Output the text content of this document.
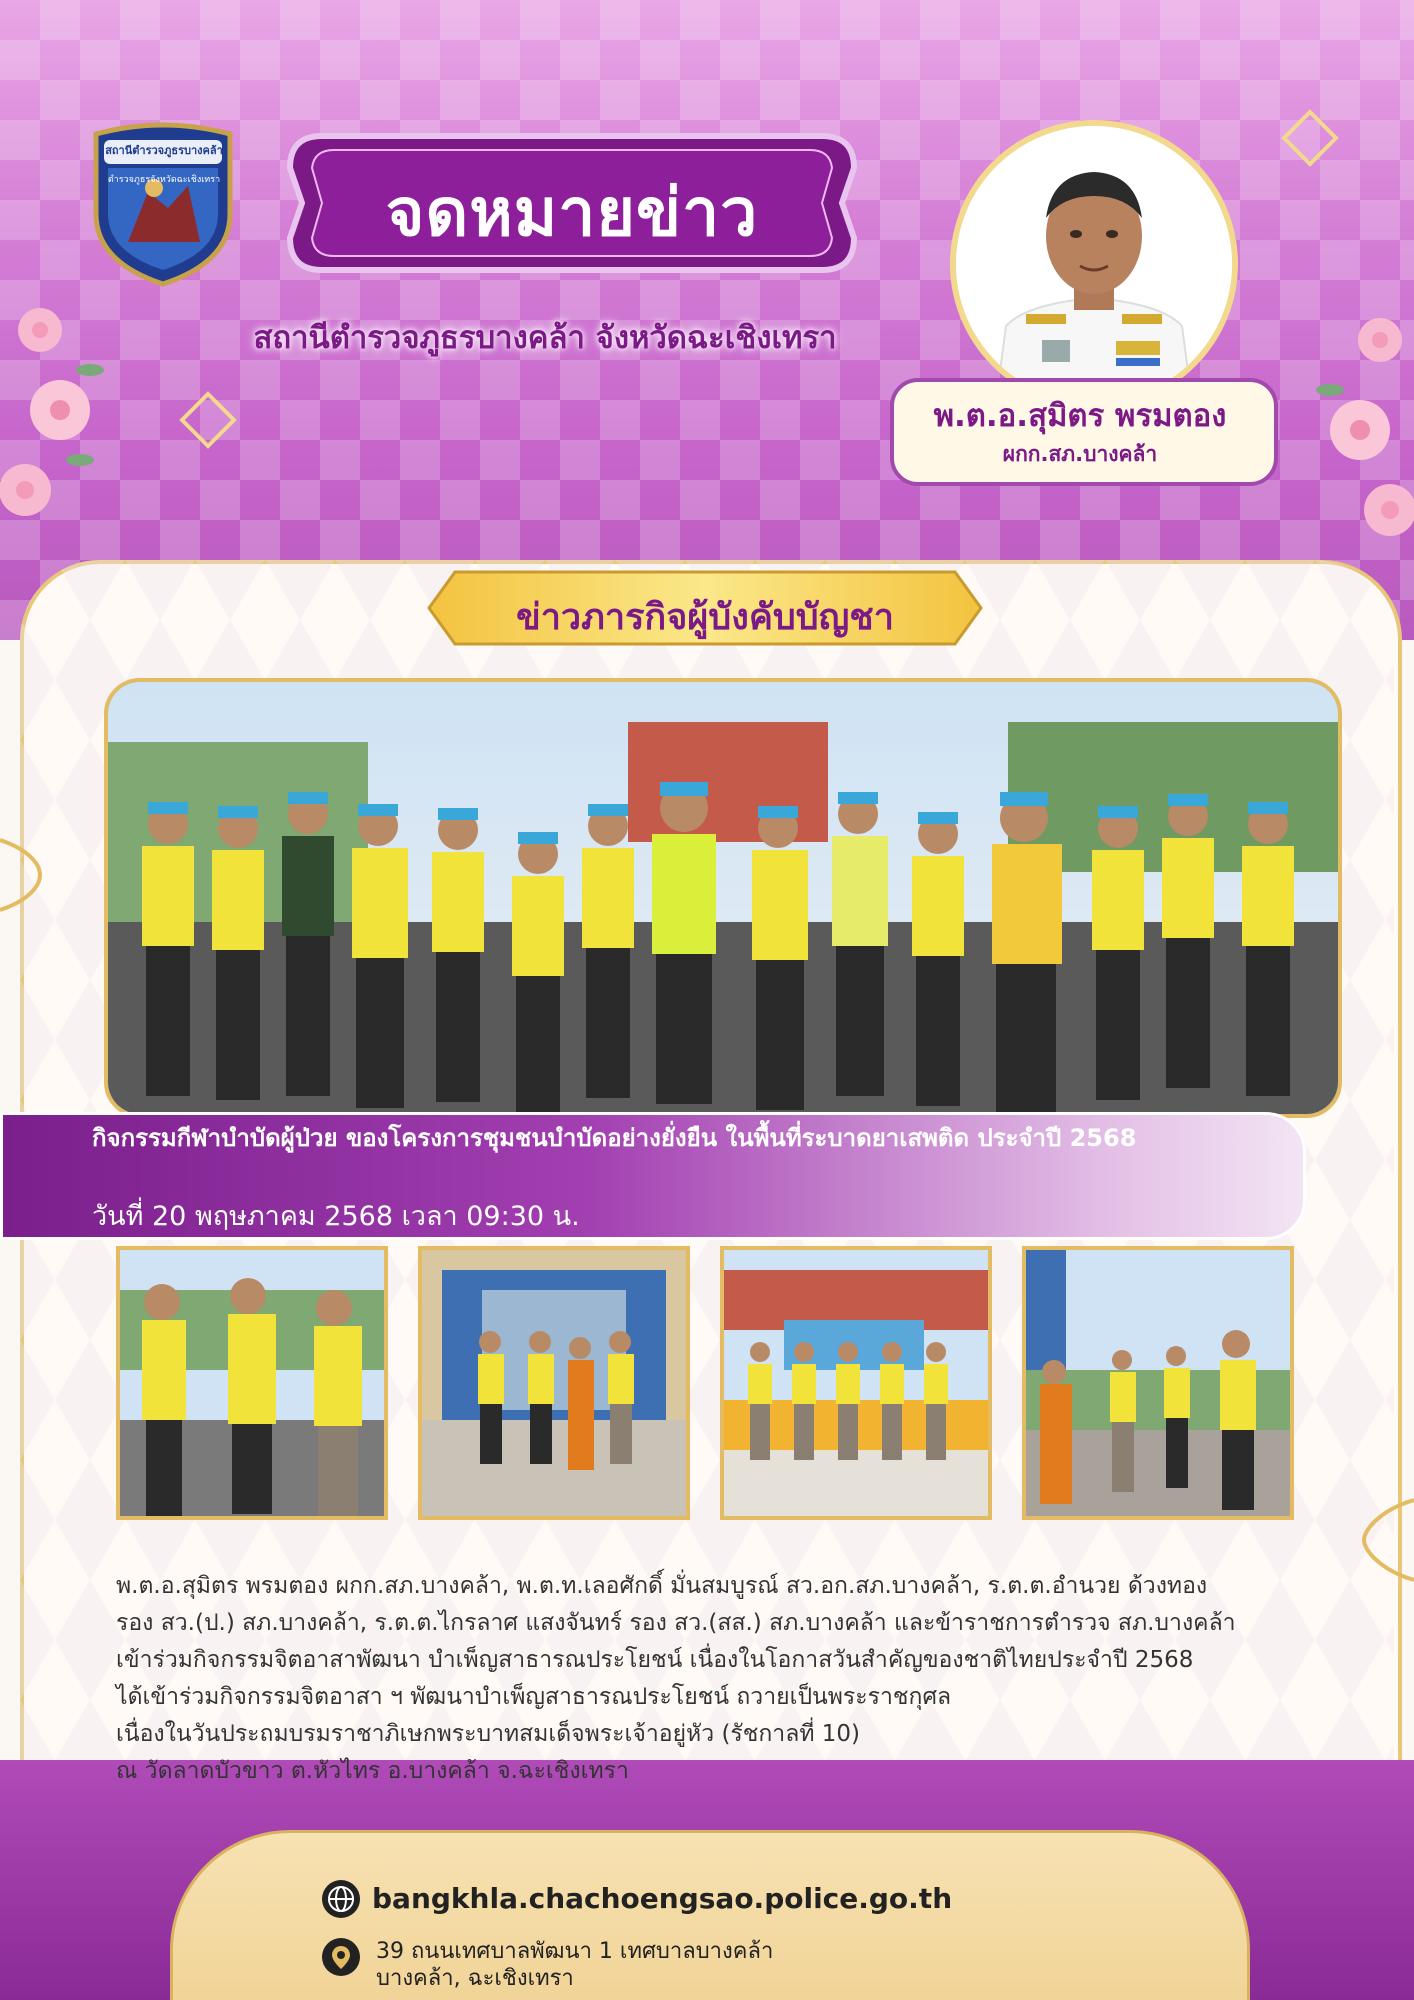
สถานีตำรวจภูธรบางคล้า
ตำรวจภูธรจังหวัดฉะเชิงเทรา	จดหมายข่าว
สถานีตำรวจภูธรบางคล้า จังหวัดฉะเชิงเทรา
พ.ต.อ.สุมิตร พรมตอง
ผกก.สภ.บางคล้า
ข่าวภารกิจผู้บังคับบัญชา
กิจกรรมกีฬาบำบัดผู้ป่วย ของโครงการชุมชนบำบัดอย่างยั่งยืน ในพื้นที่ระบาดยาเสพติด ประจำปี 2568
วันที่ 20 พฤษภาคม 2568 เวลา 09:30 น.
พ.ต.อ.สุมิตร พรมตอง ผกก.สภ.บางคล้า, พ.ต.ท.เลอศักดิ์ มั่นสมบูรณ์ สว.อก.สภ.บางคล้า, ร.ต.ต.อำนวย ด้วงทอง
รอง สว.(ป.) สภ.บางคล้า, ร.ต.ต.ไกรลาศ แสงจันทร์ รอง สว.(สส.) สภ.บางคล้า และข้าราชการตำรวจ สภ.บางคล้า
เข้าร่วมกิจกรรมจิตอาสาพัฒนา บำเพ็ญสาธารณประโยชน์ เนื่องในโอกาสวันสำคัญของชาติไทยประจำปี 2568
ได้เข้าร่วมกิจกรรมจิตอาสา ฯ พัฒนาบำเพ็ญสาธารณประโยชน์ ถวายเป็นพระราชกุศล
เนื่องในวันประถมบรมราชาภิเษกพระบาทสมเด็จพระเจ้าอยู่หัว (รัชกาลที่ 10)
ณ วัดลาดบัวขาว ต.หัวไทร อ.บางคล้า จ.ฉะเชิงเทรา
bangkhla.chachoengsao.police.go.th
39 ถนนเทศบาลพัฒนา 1 เทศบาลบางคล้า
บางคล้า, ฉะเชิงเทรา
